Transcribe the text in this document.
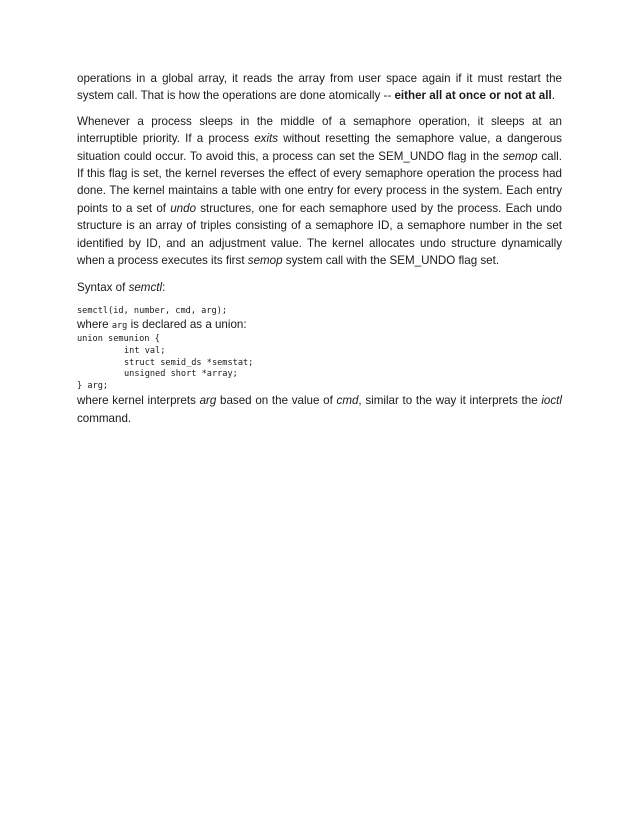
operations in a global array, it reads the array from user space again if it must restart the system call. That is how the operations are done atomically -- either all at once or not at all.

Whenever a process sleeps in the middle of a semaphore operation, it sleeps at an interruptible priority. If a process exits without resetting the semaphore value, a dangerous situation could occur. To avoid this, a process can set the SEM_UNDO flag in the semop call. If this flag is set, the kernel reverses the effect of every semaphore operation the process had done. The kernel maintains a table with one entry for every process in the system. Each entry points to a set of undo structures, one for each semaphore used by the process. Each undo structure is an array of triples consisting of a semaphore ID, a semaphore number in the set identified by ID, and an adjustment value. The kernel allocates undo structure dynamically when a process executes its first semop system call with the SEM_UNDO flag set.

Syntax of semctl:

semctl(id, number, cmd, arg);

where arg is declared as a union:

union semunion {
int val;
struct semid_ds *semstat;
unsigned short *array;
} arg;

where kernel interprets arg based on the value of cmd, similar to the way it interprets the ioctl command.
